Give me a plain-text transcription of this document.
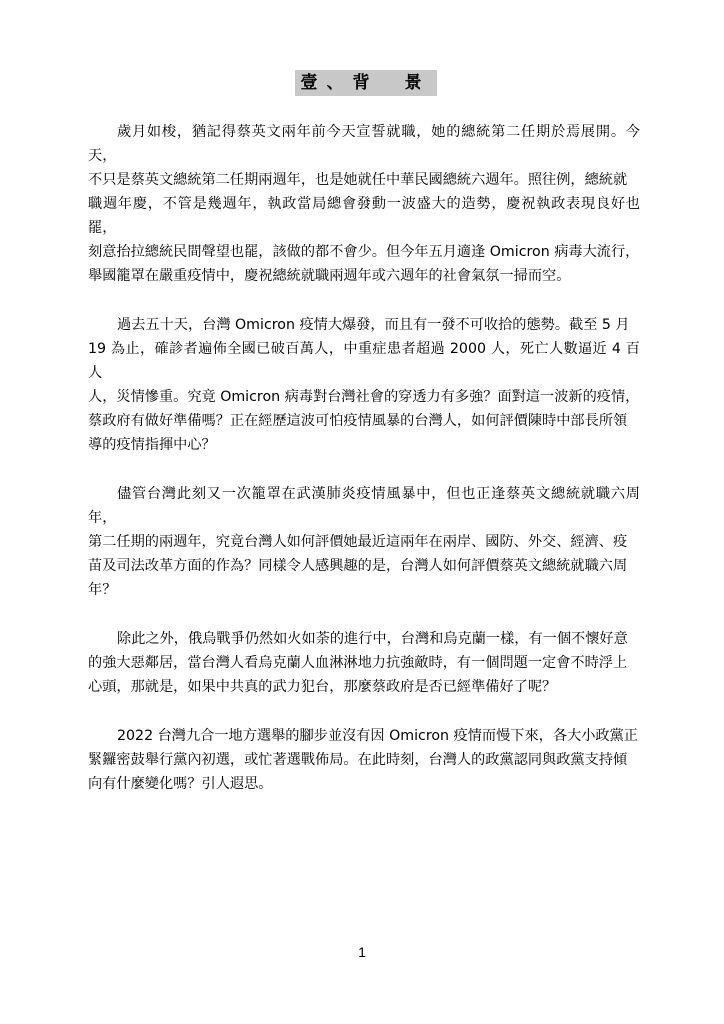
壹、背　景

歲月如梭，猶記得蔡英文兩年前今天宣誓就職，她的總統第二任期於焉展開。今天，
不只是蔡英文總統第二任期兩週年，也是她就任中華民國總統六週年。照往例，總統就
職週年慶，不管是幾週年，執政當局總會發動一波盛大的造勢，慶祝執政表現良好也罷，
刻意抬拉總統民間聲望也罷，該做的都不會少。但今年五月適逢 Omicron 病毒大流行，
舉國籠罩在嚴重疫情中，慶祝總統就職兩週年或六週年的社會氣氛一掃而空。

過去五十天，台灣 Omicron 疫情大爆發，而且有一發不可收拾的態勢。截至 5 月
19 為止，確診者遍佈全國已破百萬人，中重症患者超過 2000 人，死亡人數逼近 4 百人
人，災情慘重。究竟 Omicron 病毒對台灣社會的穿透力有多強？面對這一波新的疫情，
蔡政府有做好準備嗎？正在經歷這波可怕疫情風暴的台灣人，如何評價陳時中部長所領
導的疫情指揮中心？

儘管台灣此刻又一次籠罩在武漢肺炎疫情風暴中，但也正逢蔡英文總統就職六周年，
第二任期的兩週年，究竟台灣人如何評價她最近這兩年在兩岸、國防、外交、經濟、疫
苗及司法改革方面的作為？同樣令人感興趣的是，台灣人如何評價蔡英文總統就職六周
年？

除此之外，俄烏戰爭仍然如火如荼的進行中，台灣和烏克蘭一樣，有一個不懷好意
的強大惡鄰居，當台灣人看烏克蘭人血淋淋地力抗強敵時，有一個問題一定會不時浮上
心頭，那就是，如果中共真的武力犯台，那麼蔡政府是否已經準備好了呢？

2022 台灣九合一地方選舉的腳步並沒有因 Omicron 疫情而慢下來，各大小政黨正
緊鑼密鼓舉行黨內初選，或忙著選戰佈局。在此時刻，台灣人的政黨認同與政黨支持傾
向有什麼變化嗎？引人遐思。

1
